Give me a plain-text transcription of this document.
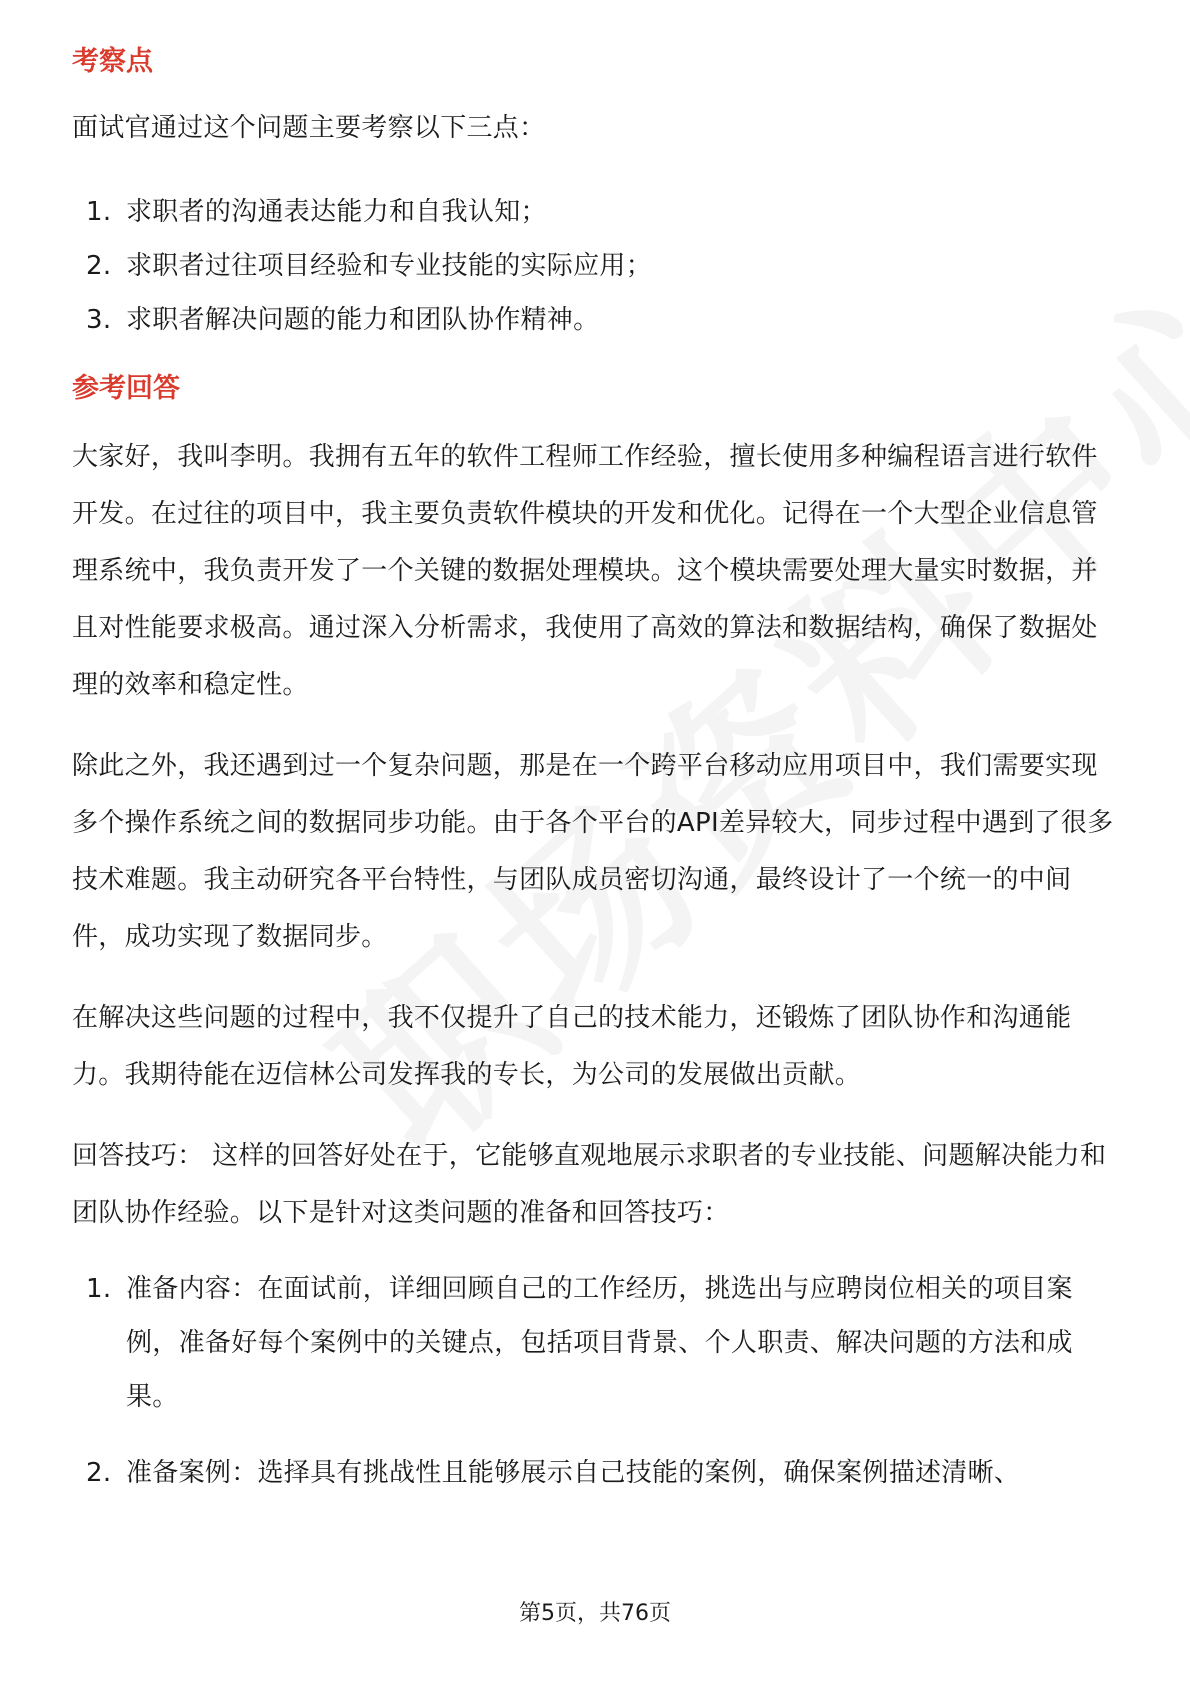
考察点

面试官通过这个问题主要考察以下三点：

1. 求职者的沟通表达能力和自我认知；
2. 求职者过往项目经验和专业技能的实际应用；
3. 求职者解决问题的能力和团队协作精神。
参考回答

大家好，我叫李明。我拥有五年的软件工程师工作经验，擅长使用多种编程语言进行软件开发。在过往的项目中，我主要负责软件模块的开发和优化。记得在一个大型企业信息管理系统中，我负责开发了一个关键的数据处理模块。这个模块需要处理大量实时数据，并且对性能要求极高。通过深入分析需求，我使用了高效的算法和数据结构，确保了数据处理的效率和稳定性。

除此之外，我还遇到过一个复杂问题，那是在一个跨平台移动应用项目中，我们需要实现多个操作系统之间的数据同步功能。由于各个平台的API差异较大，同步过程中遇到了很多技术难题。我主动研究各平台特性，与团队成员密切沟通，最终设计了一个统一的中间件，成功实现了数据同步。

在解决这些问题的过程中，我不仅提升了自己的技术能力，还锻炼了团队协作和沟通能力。我期待能在迈信林公司发挥我的专长，为公司的发展做出贡献。

回答技巧： 这样的回答好处在于，它能够直观地展示求职者的专业技能、问题解决能力和团队协作经验。以下是针对这类问题的准备和回答技巧：

1. 准备内容：在面试前，详细回顾自己的工作经历，挑选出与应聘岗位相关的项目案例，准备好每个案例中的关键点，包括项目背景、个人职责、解决问题的方法和成果。
2. 准备案例：选择具有挑战性且能够展示自己技能的案例，确保案例描述清晰、
第5页，共76页
